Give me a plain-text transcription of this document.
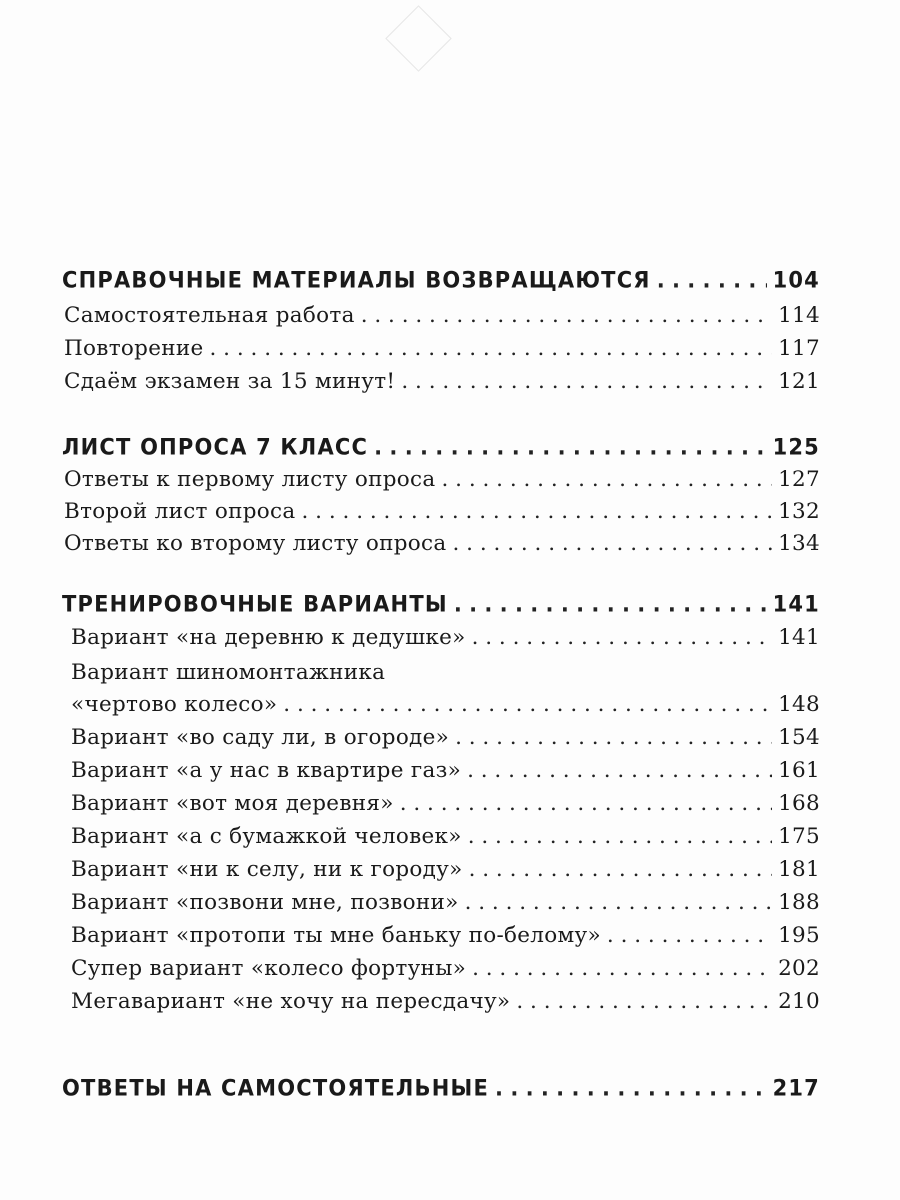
СПРАВОЧНЫЕ МАТЕРИАЛЫ ВОЗВРАЩАЮТСЯ . . .	104
Самостоятельная работа . . .	114
Повторение . . .	117
Сдаём экзамен за 15 минут! . . .	121
ЛИСТ ОПРОСА 7 КЛАСС . . .	125
Ответы к первому листу опроса . . .	127
Второй лист опроса . . .	132
Ответы ко второму листу опроса . . .	134
ТРЕНИРОВОЧНЫЕ ВАРИАНТЫ . . .	141
Вариант «на деревню к дедушке» . . .	141
Вариант шиномонтажника
«чертово колесо» . . .	148
Вариант «во саду ли, в огороде» . . .	154
Вариант «а у нас в квартире газ» . . .	161
Вариант «вот моя деревня» . . .	168
Вариант «а с бумажкой человек» . . .	175
Вариант «ни к селу, ни к городу» . . .	181
Вариант «позвони мне, позвони» . . .	188
Вариант «протопи ты мне баньку по-белому» . . .	195
Супер вариант «колесо фортуны» . . .	202
Мегавариант «не хочу на пересдачу» . . .	210
ОТВЕТЫ НА САМОСТОЯТЕЛЬНЫЕ . . .	217
